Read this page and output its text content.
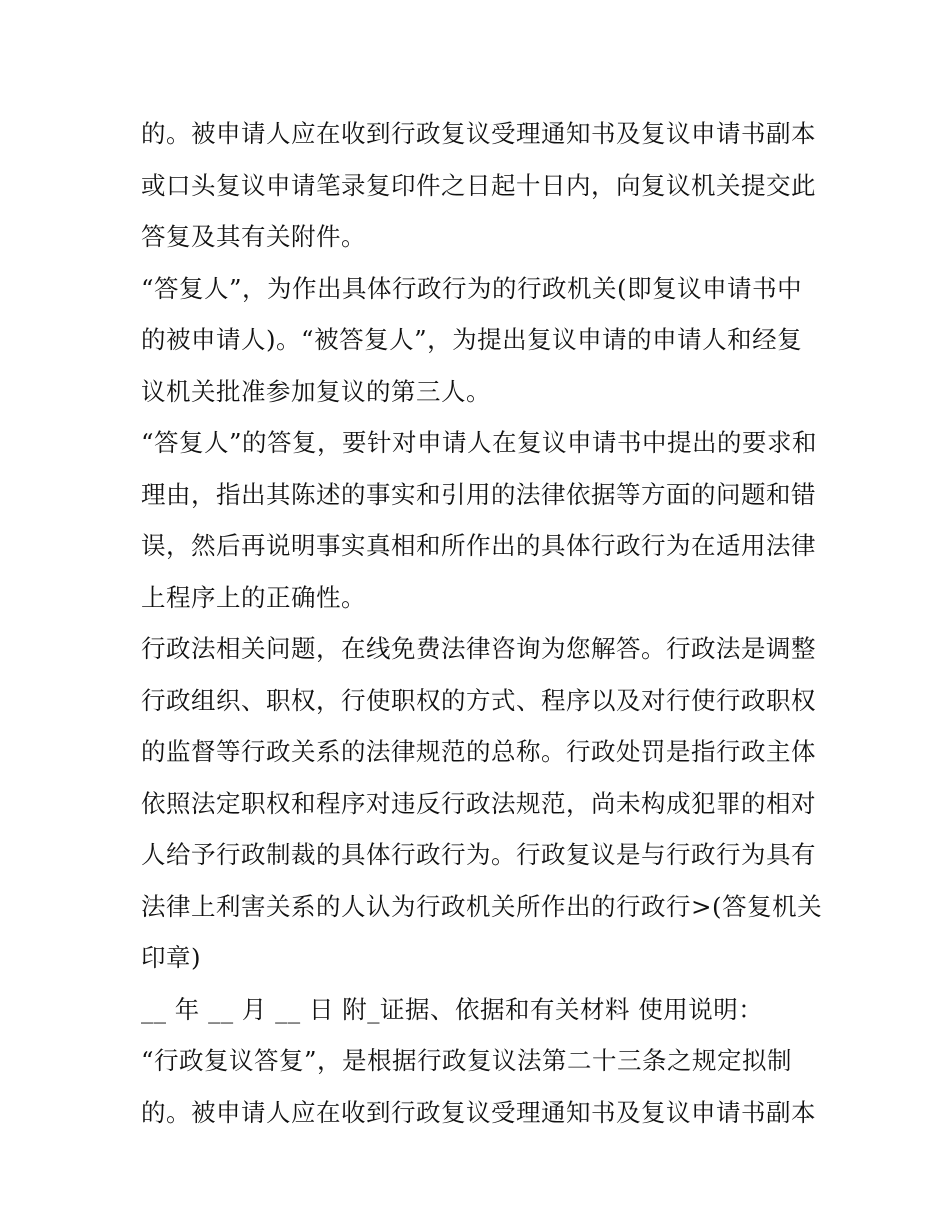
的。被申请人应在收到行政复议受理通知书及复议申请书副本
或口头复议申请笔录复印件之日起十日内，向复议机关提交此
答复及其有关附件。
“答复人”，为作出具体行政行为的行政机关(即复议申请书中
的被申请人)。“被答复人”，为提出复议申请的申请人和经复
议机关批准参加复议的第三人。
“答复人”的答复，要针对申请人在复议申请书中提出的要求和
理由，指出其陈述的事实和引用的法律依据等方面的问题和错
误，然后再说明事实真相和所作出的具体行政行为在适用法律
上程序上的正确性。
行政法相关问题，在线免费法律咨询为您解答。行政法是调整
行政组织、职权，行使职权的方式、程序以及对行使行政职权
的监督等行政关系的法律规范的总称。行政处罚是指行政主体
依照法定职权和程序对违反行政法规范，尚未构成犯罪的相对
人给予行政制裁的具体行政行为。行政复议是与行政行为具有
法律上利害关系的人认为行政机关所作出的行政行>(答复机关
印章)
__ 年 __ 月 __ 日 附_证据、依据和有关材料 使用说明：
“行政复议答复”，是根据行政复议法第二十三条之规定拟制
的。被申请人应在收到行政复议受理通知书及复议申请书副本
